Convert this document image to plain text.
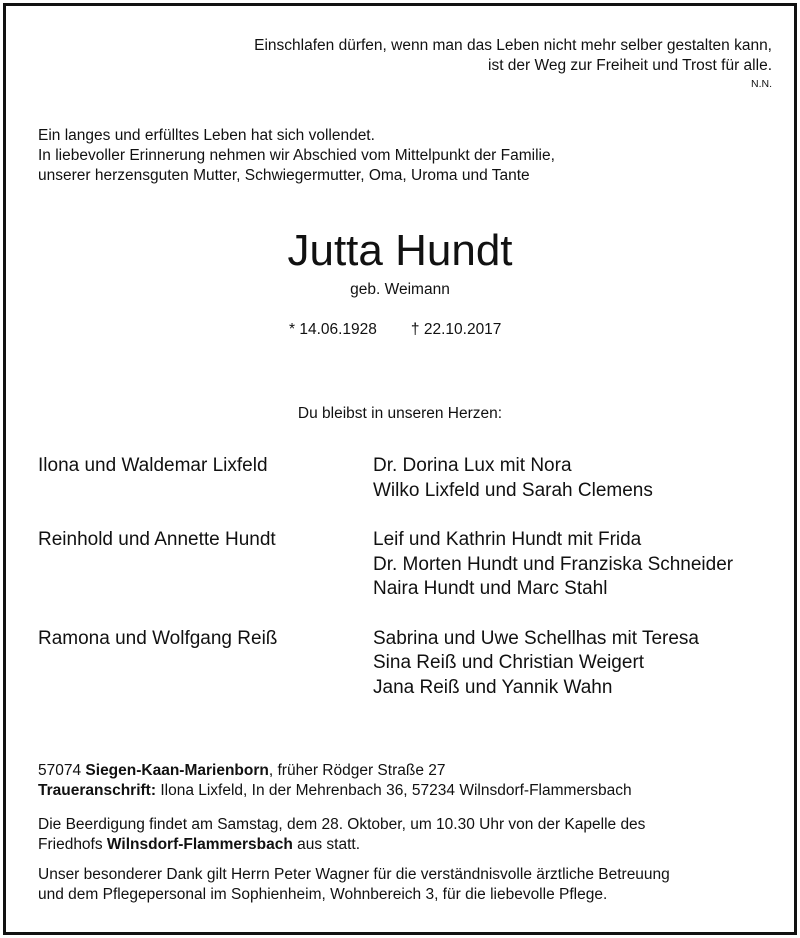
Einschlafen dürfen, wenn man das Leben nicht mehr selber gestalten kann,
ist der Weg zur Freiheit und Trost für alle.
N.N.
Ein langes und erfülltes Leben hat sich vollendet.
In liebevoller Erinnerung nehmen wir Abschied vom Mittelpunkt der Familie,
unserer herzensguten Mutter, Schwiegermutter, Oma, Uroma und Tante
Jutta Hundt
geb. Weimann
* 14.06.1928 † 22.10.2017
Du bleibst in unseren Herzen:
Ilona und Waldemar Lixfeld	Dr. Dorina Lux mit Nora
Wilko Lixfeld und Sarah Clemens
Reinhold und Annette Hundt	Leif und Kathrin Hundt mit Frida
Dr. Morten Hundt und Franziska Schneider
Naira Hundt und Marc Stahl
Ramona und Wolfgang Reiß	Sabrina und Uwe Schellhas mit Teresa
Sina Reiß und Christian Weigert
Jana Reiß und Yannik Wahn

57074 Siegen-Kaan-Marienborn, früher Rödger Straße 27

Traueranschrift: Ilona Lixfeld, In der Mehrenbach 36, 57234 Wilnsdorf-Flammersbach

Die Beerdigung findet am Samstag, dem 28. Oktober, um 10.30 Uhr von der Kapelle des

Friedhofs Wilnsdorf-Flammersbach aus statt.

Unser besonderer Dank gilt Herrn Peter Wagner für die verständnisvolle ärztliche Betreuung

und dem Pflegepersonal im Sophienheim, Wohnbereich 3, für die liebevolle Pflege.
